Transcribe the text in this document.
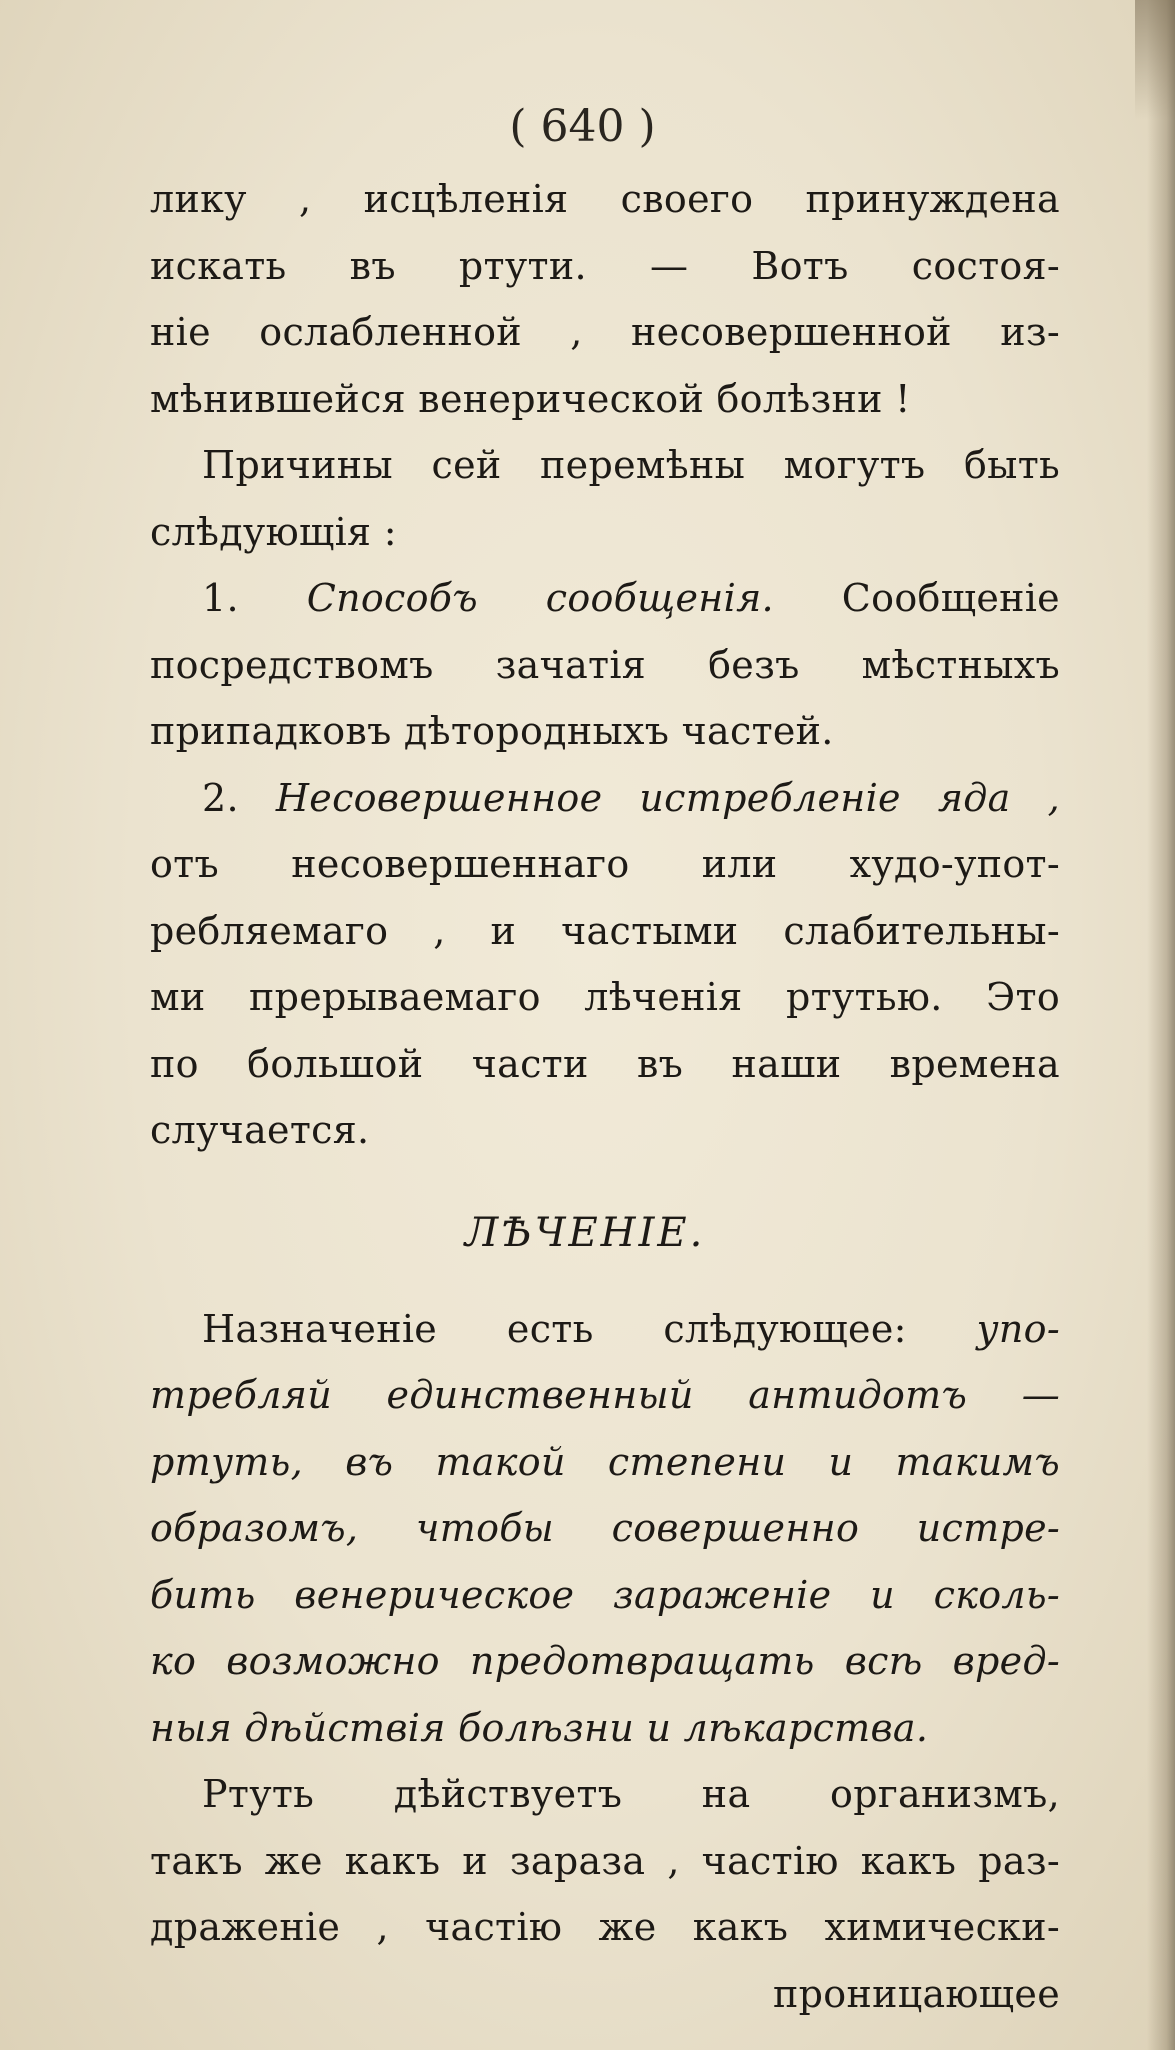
( 640 )
лику , исцѣленія своего принуждена
искать въ ртути. — Вотъ состоя-
ніе ослабленной , несовершенной из-
мѣнившейся венерической болѣзни !
Причины сей перемѣны могутъ быть
слѣдующія :
1. Способъ сообщенія. Сообщеніе
посредствомъ зачатія безъ мѣстныхъ
припадковъ дѣтородныхъ частей.
2. Несовершенное истребленіе яда ,
отъ несовершеннаго или худо-упот-
ребляемаго , и частыми слабительны-
ми прерываемаго лѣченія ртутью. Это
по большой части въ наши времена
случается.
ЛѢЧЕНІЕ.
Назначеніе есть слѣдующее: упо-
требляй единственный антидотъ —
ртуть, въ такой степени и такимъ
образомъ, чтобы совершенно истре-
бить венерическое зараженіе и сколь-
ко возможно предотвращать всѣ вред-
ныя дѣйствія болѣзни и лѣкарства.
Ртуть дѣйствуетъ на организмъ,
такъ же какъ и зараза , частію какъ раз-
драженіе , частію же какъ химически-
проницающее
